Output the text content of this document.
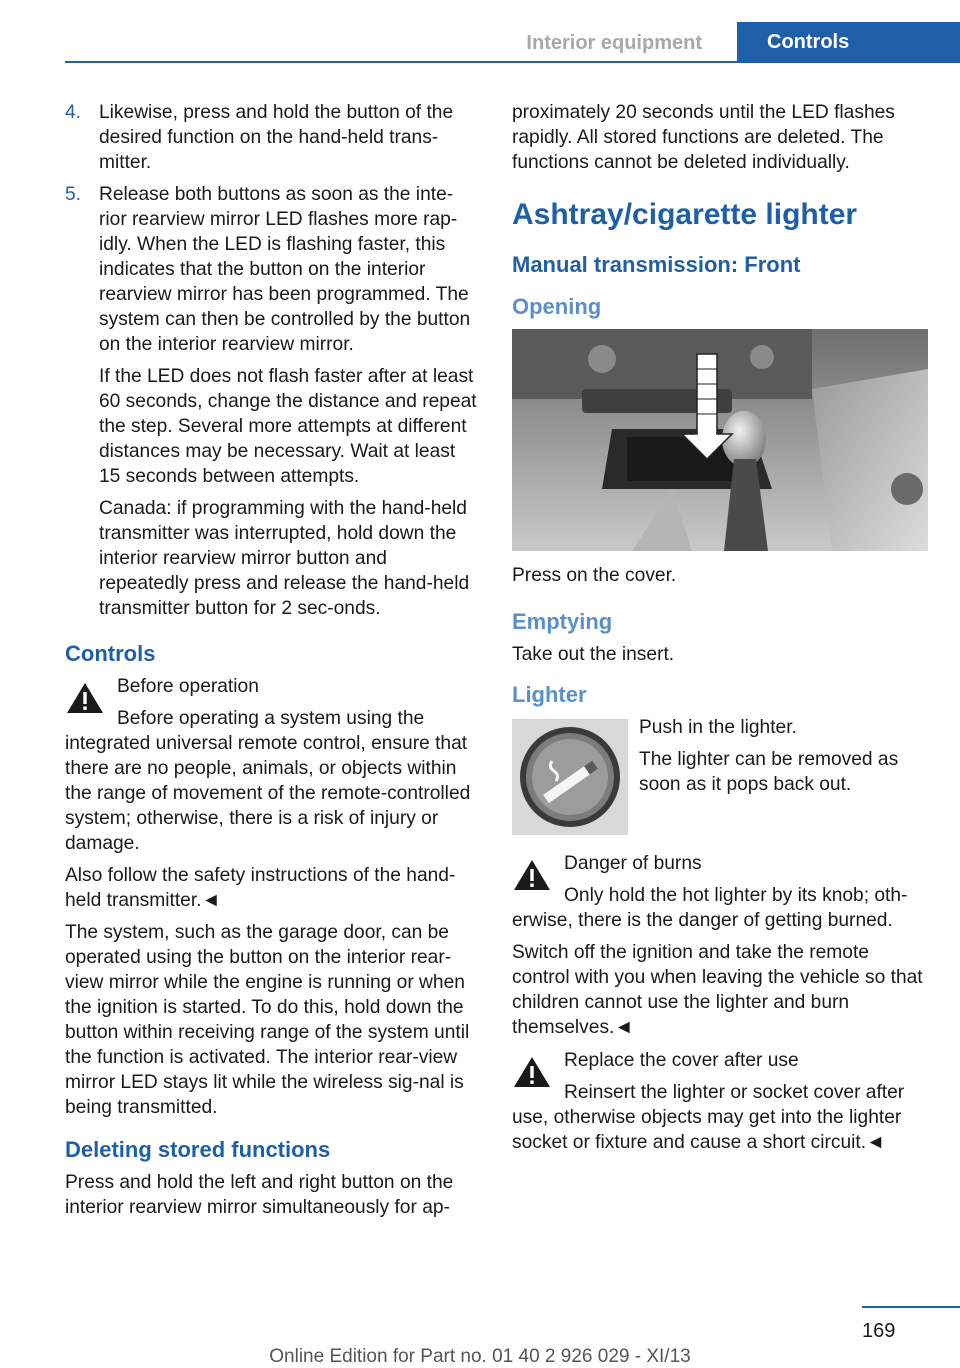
Interior equipment	Controls
4. Likewise, press and hold the button of the desired function on the hand-held trans-mitter.

5. Release both buttons as soon as the inte-rior rearview mirror LED flashes more rap-idly. When the LED is flashing faster, this indicates that the button on the interior rearview mirror has been programmed. The system can then be controlled by the button on the interior rearview mirror.

If the LED does not flash faster after at least 60 seconds, change the distance and repeat the step. Several more attempts at different distances may be necessary. Wait at least 15 seconds between attempts.

Canada: if programming with the hand-held transmitter was interrupted, hold down the interior rearview mirror button and repeatedly press and release the hand-held transmitter button for 2 sec-onds.

Controls

Before operation

Before operating a system using the integrated universal remote control, ensure that there are no people, animals, or objects within the range of movement of the remote-controlled system; otherwise, there is a risk of injury or damage.

Also follow the safety instructions of the hand-held transmitter.◄

The system, such as the garage door, can be operated using the button on the interior rear-view mirror while the engine is running or when the ignition is started. To do this, hold down the button within receiving range of the system until the function is activated. The interior rear-view mirror LED stays lit while the wireless sig-nal is being transmitted.

Deleting stored functions

Press and hold the left and right button on the interior rearview mirror simultaneously for ap-

proximately 20 seconds until the LED flashes rapidly. All stored functions are deleted. The functions cannot be deleted individually.

Ashtray/cigarette lighter
Manual transmission: Front
Opening

Press on the cover.

Emptying

Take out the insert.

Lighter

Push in the lighter.

The lighter can be removed as soon as it pops back out.

Danger of burns

Only hold the hot lighter by its knob; oth-erwise, there is the danger of getting burned.

Switch off the ignition and take the remote control with you when leaving the vehicle so that children cannot use the lighter and burn themselves.◄

Replace the cover after use

Reinsert the lighter or socket cover after use, otherwise objects may get into the lighter socket or fixture and cause a short circuit.◄

169
Online Edition for Part no. 01 40 2 926 029 - XI/13
